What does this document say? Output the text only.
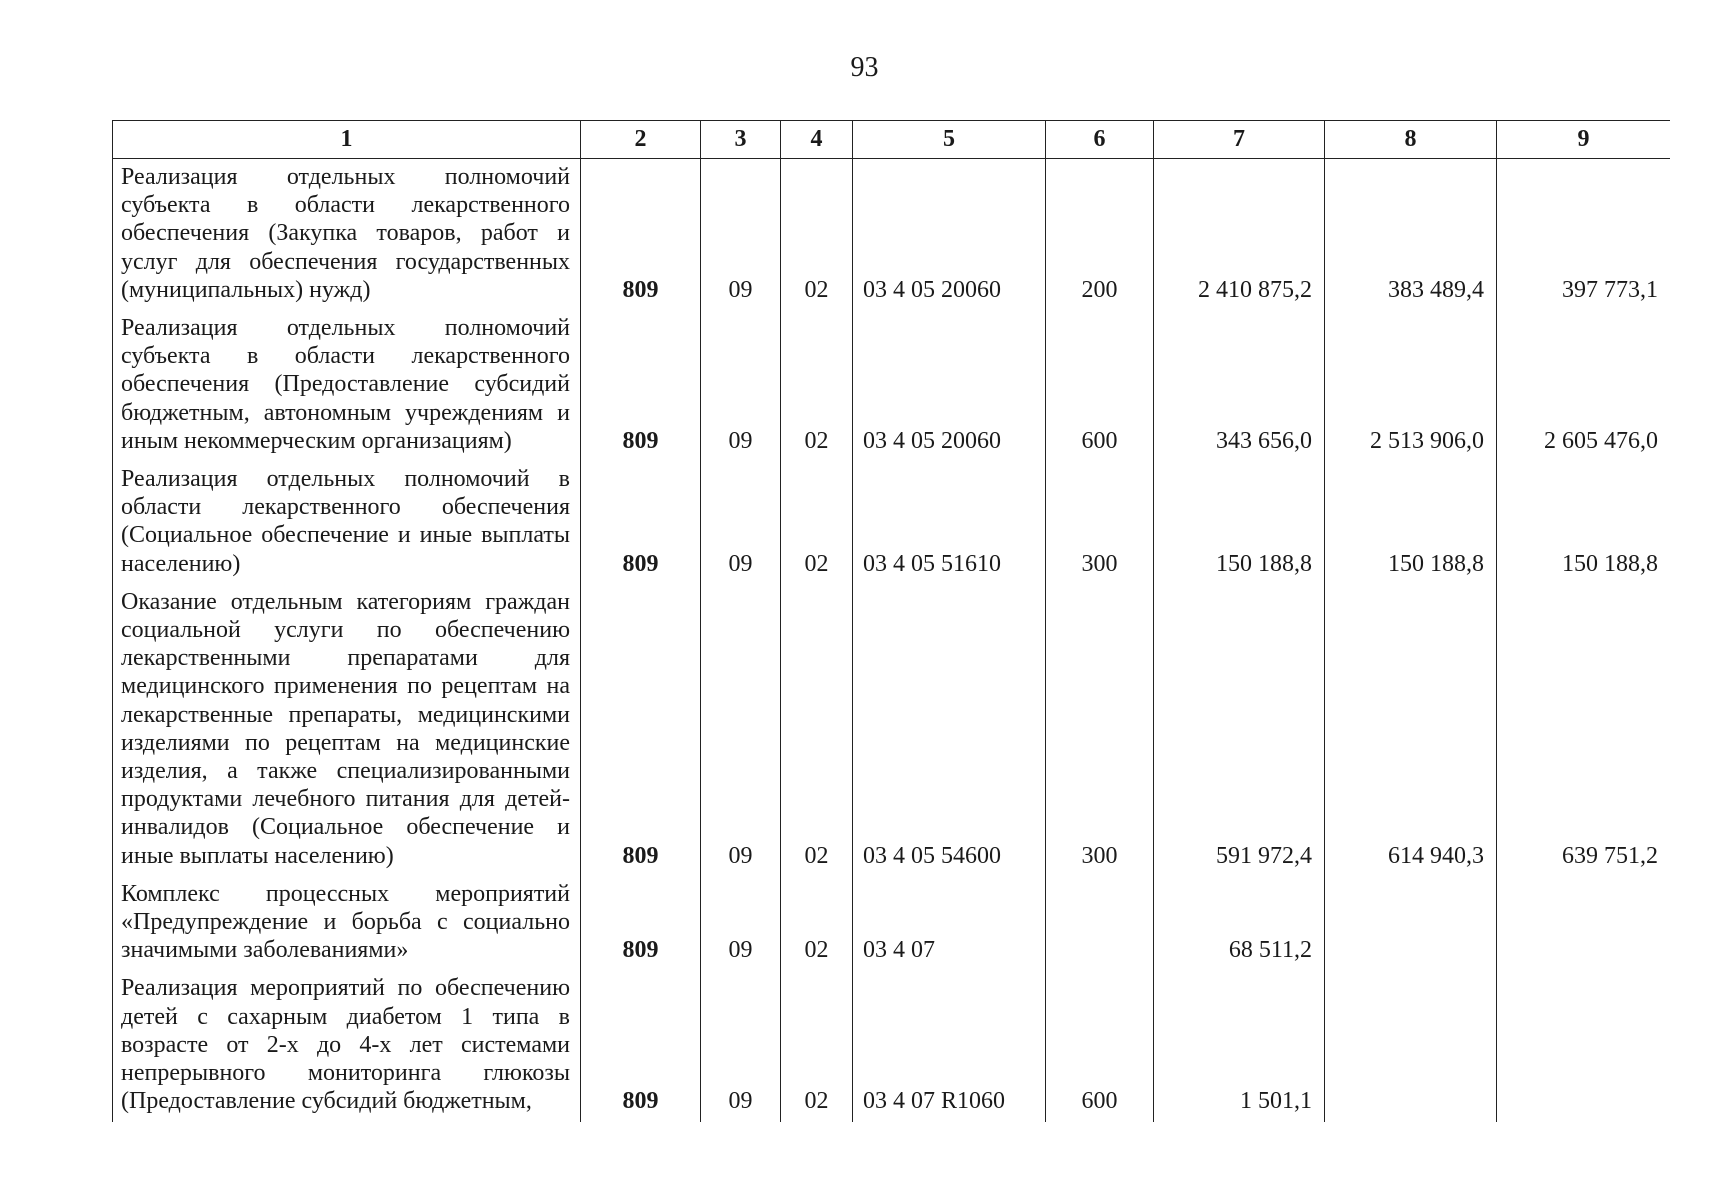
93
1	2	3	4	5	6	7	8	9
Реализация отдельных полномочий субъекта в области лекарственного обеспечения (Закупка товаров, работ и услуг для обеспечения государственных (муниципальных) нужд)	809	09	02	03 4 05 20060	200	2 410 875,2	383 489,4	397 773,1
Реализация отдельных полномочий субъекта в области лекарственного обеспечения (Предоставление субсидий бюджетным, автономным учреждениям и иным некоммерческим организациям)	809	09	02	03 4 05 20060	600	343 656,0	2 513 906,0	2 605 476,0
Реализация отдельных полномочий в области лекарственного обеспечения (Социальное обеспечение и иные выплаты населению)	809	09	02	03 4 05 51610	300	150 188,8	150 188,8	150 188,8
Оказание отдельным категориям граждан социальной услуги по обеспечению лекарственными препаратами для медицинского применения по рецептам на лекарственные препараты, медицинскими изделиями по рецептам на медицинские изделия, а также специализированными продуктами лечебного питания для детей-инвалидов (Социальное обеспечение и иные выплаты населению)	809	09	02	03 4 05 54600	300	591 972,4	614 940,3	639 751,2
Комплекс процессных мероприятий «Предупреждение и борьба с социально значимыми заболеваниями»	809	09	02	03 4 07		68 511,2		
Реализация мероприятий по обеспечению детей с сахарным диабетом 1 типа в возрасте от 2-х до 4-х лет системами непрерывного мониторинга глюкозы (Предоставление субсидий бюджетным,	809	09	02	03 4 07 R1060	600	1 501,1		
